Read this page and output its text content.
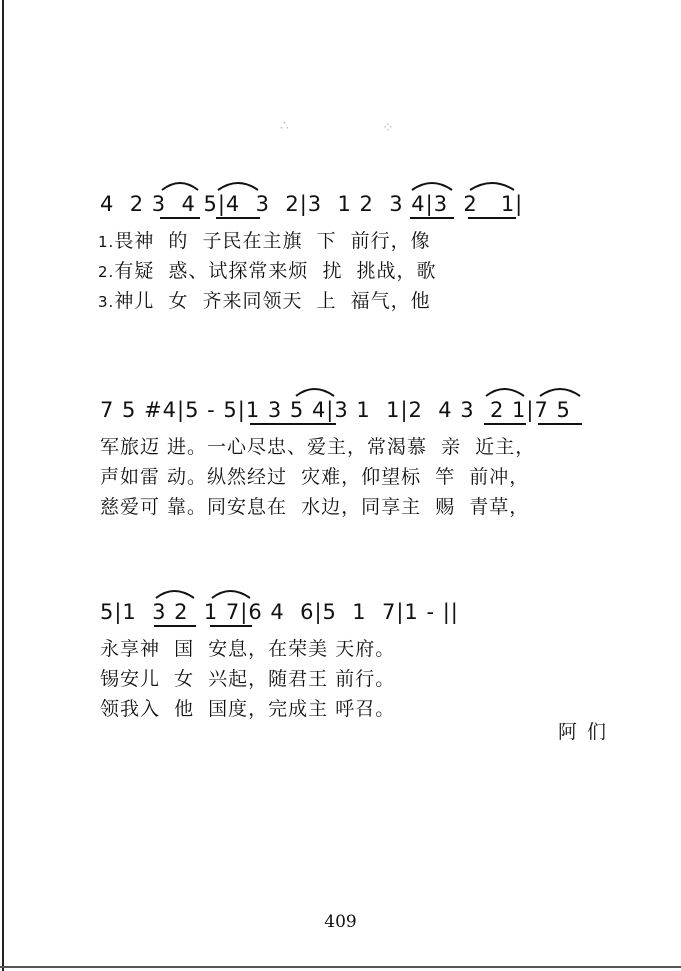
∴	⁘
4  2 3  4 5|4  3  2|3  1 2  3 4|3  2   1|
1.畏神  的  子民在主旗  下  前行，像
2.有疑  惑、试探常来烦  扰  挑战，歌
3.神儿  女  齐来同领天  上  福气，他
7 5 #4|5 - 5|1 3 5 4|3 1  1|2  4 3  2 1|7 5
军旅迈 进。一心尽忠、爱主，常渴慕  亲  近主，
声如雷 动。纵然经过  灾难，仰望标  竿  前冲，
慈爱可 靠。同安息在  水边，同享主  赐  青草，
5|1  3 2  1 7|6 4  6|5  1  7|1 - ||
永享神  国  安息，在荣美 天府。
锡安儿  女  兴起，随君王 前行。
领我入  他  国度，完成主 呼召。
阿们
409
